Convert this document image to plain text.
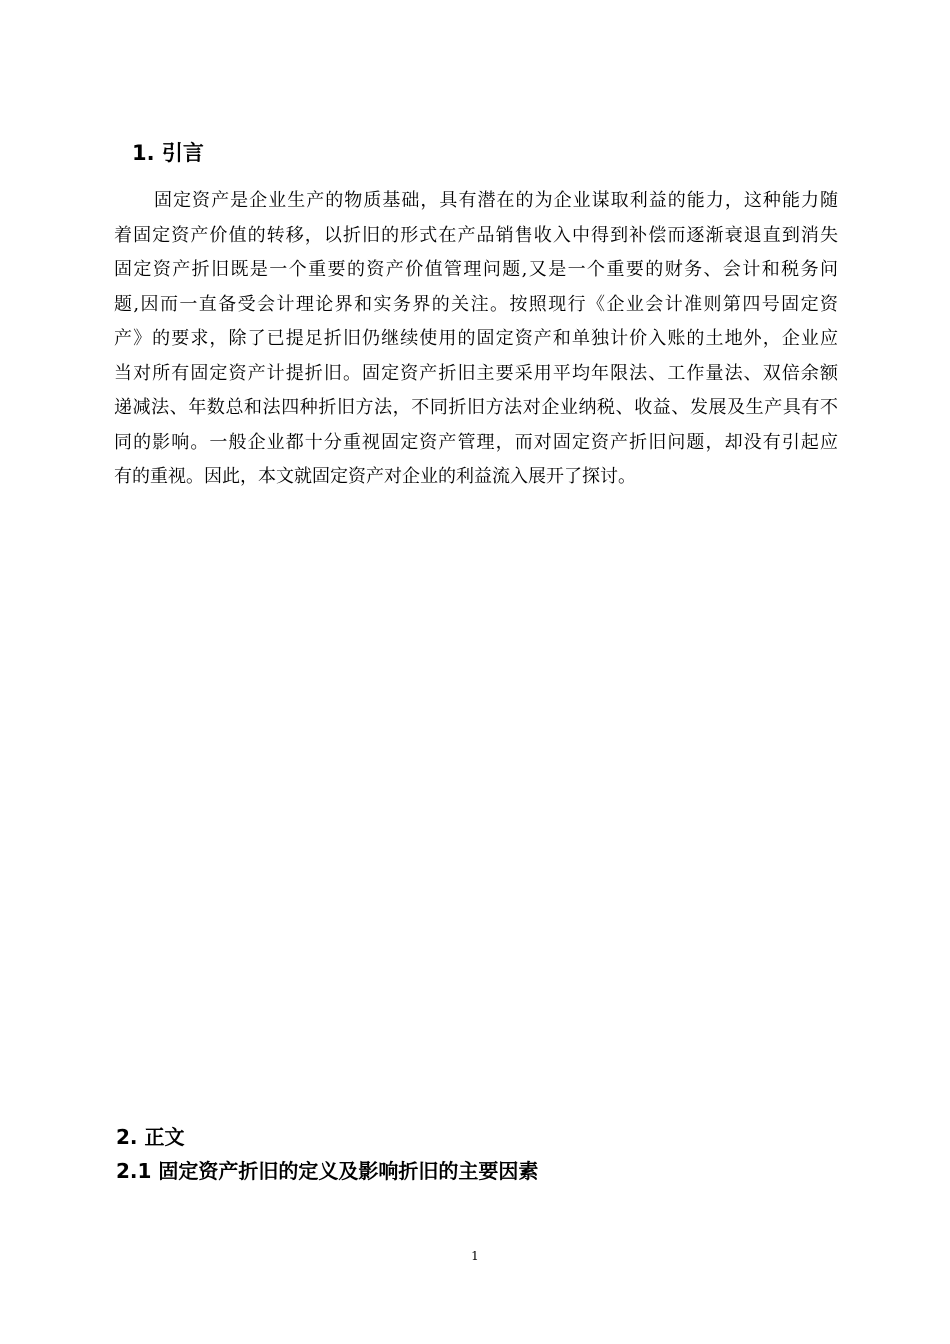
1. 引言
固定资产是企业生产的物质基础，具有潜在的为企业谋取利益的能力，这种能力随
着固定资产价值的转移，以折旧的形式在产品销售收入中得到补偿而逐渐衰退直到消失
固定资产折旧既是一个重要的资产价值管理问题,又是一个重要的财务、会计和税务问
题,因而一直备受会计理论界和实务界的关注。按照现行《企业会计准则第四号固定资
产》的要求，除了已提足折旧仍继续使用的固定资产和单独计价入账的土地外，企业应
当对所有固定资产计提折旧。固定资产折旧主要采用平均年限法、工作量法、双倍余额
递减法、年数总和法四种折旧方法，不同折旧方法对企业纳税、收益、发展及生产具有不
同的影响。一般企业都十分重视固定资产管理，而对固定资产折旧问题，却没有引起应
有的重视。因此，本文就固定资产对企业的利益流入展开了探讨。
2. 正文
2.1 固定资产折旧的定义及影响折旧的主要因素
1
